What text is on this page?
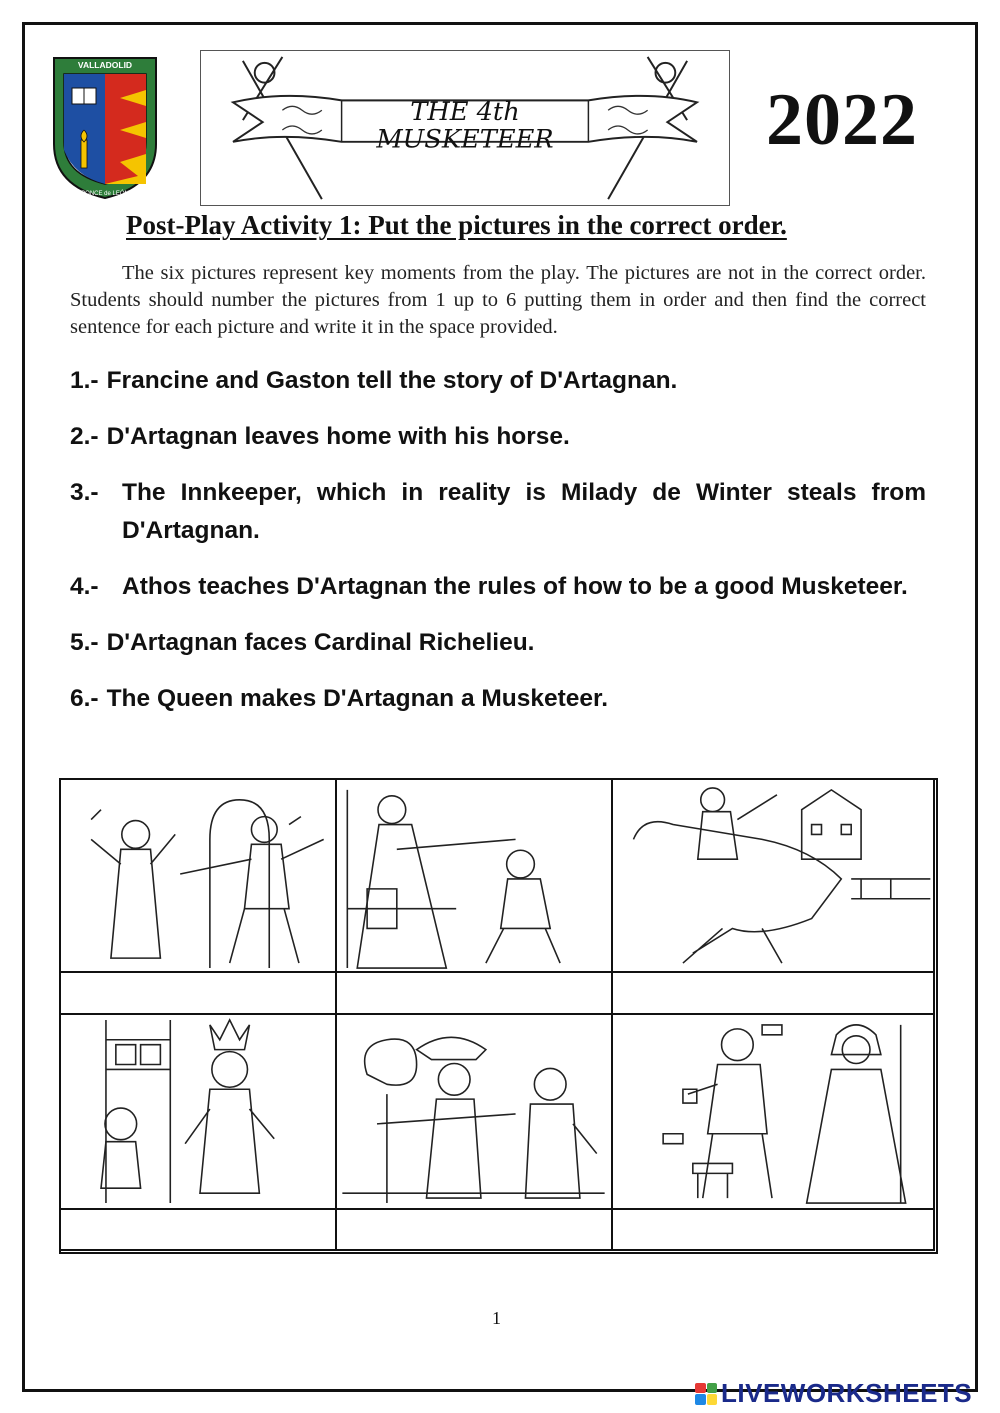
VALLADOLID
PONCE de LEÓN
THE 4th
MUSKETEER	2022
Post-Play Activity 1: Put the pictures in the correct order.

The six pictures represent key moments from the play. The pictures are not in the correct order. Students should number the pictures from 1 up to 6 putting them in order and then find the correct sentence for each picture and write it in the space provided.

1.- Francine and Gaston tell the story of D'Artagnan.
2.- D'Artagnan leaves home with his horse.
3.- The Innkeeper, which in reality is Milady de Winter steals from D'Artagnan.
4.- Athos teaches D'Artagnan the rules of how to be a good Musketeer.
5.- D'Artagnan faces Cardinal Richelieu.
6.- The Queen makes D'Artagnan a Musketeer.
1
LIVEWORKSHEETS
